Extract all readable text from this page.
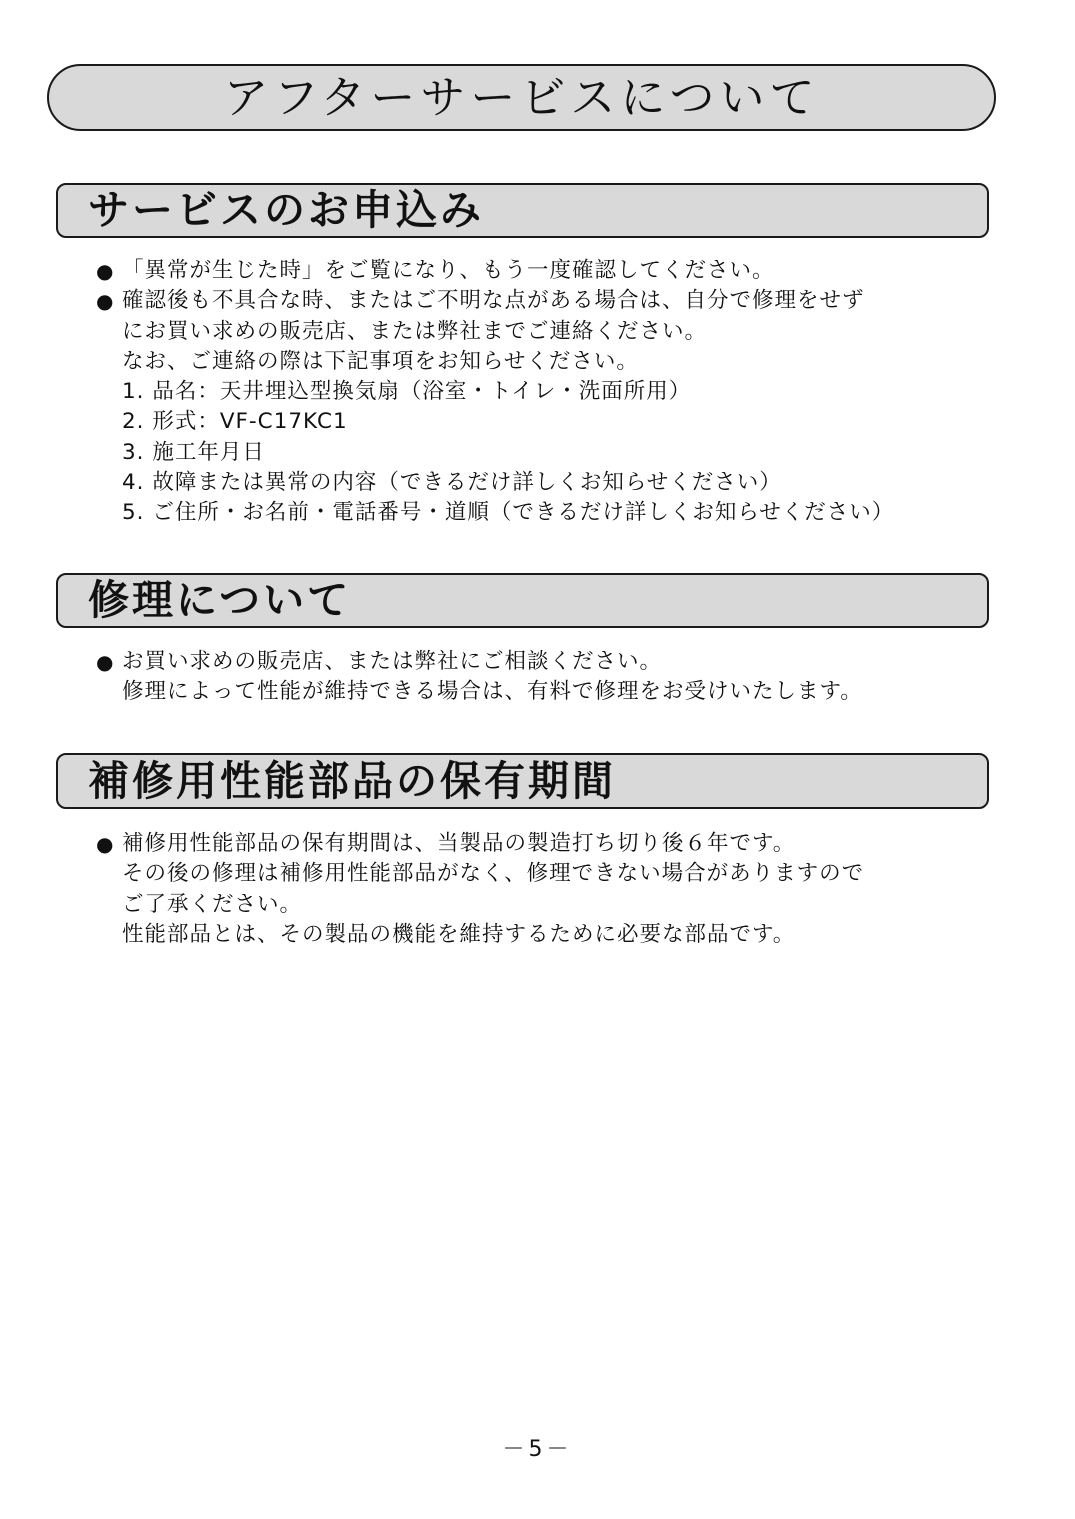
アフターサービスについて
サービスのお申込み
● 「異常が生じた時」をご覧になり、もう一度確認してください。
● 確認後も不具合な時、またはご不明な点がある場合は、自分で修理をせず
にお買い求めの販売店、または弊社までご連絡ください。
なお、ご連絡の際は下記事項をお知らせください。
1. 品名：天井埋込型換気扇（浴室・トイレ・洗面所用）
2. 形式：VF-C17KC1
3. 施工年月日
4. 故障または異常の内容（できるだけ詳しくお知らせください）
5. ご住所・お名前・電話番号・道順（できるだけ詳しくお知らせください）
修理について
● お買い求めの販売店、または弊社にご相談ください。
修理によって性能が維持できる場合は、有料で修理をお受けいたします。
補修用性能部品の保有期間
● 補修用性能部品の保有期間は、当製品の製造打ち切り後６年です。
その後の修理は補修用性能部品がなく、修理できない場合がありますので
ご了承ください。
性能部品とは、その製品の機能を維持するために必要な部品です。
－5－
